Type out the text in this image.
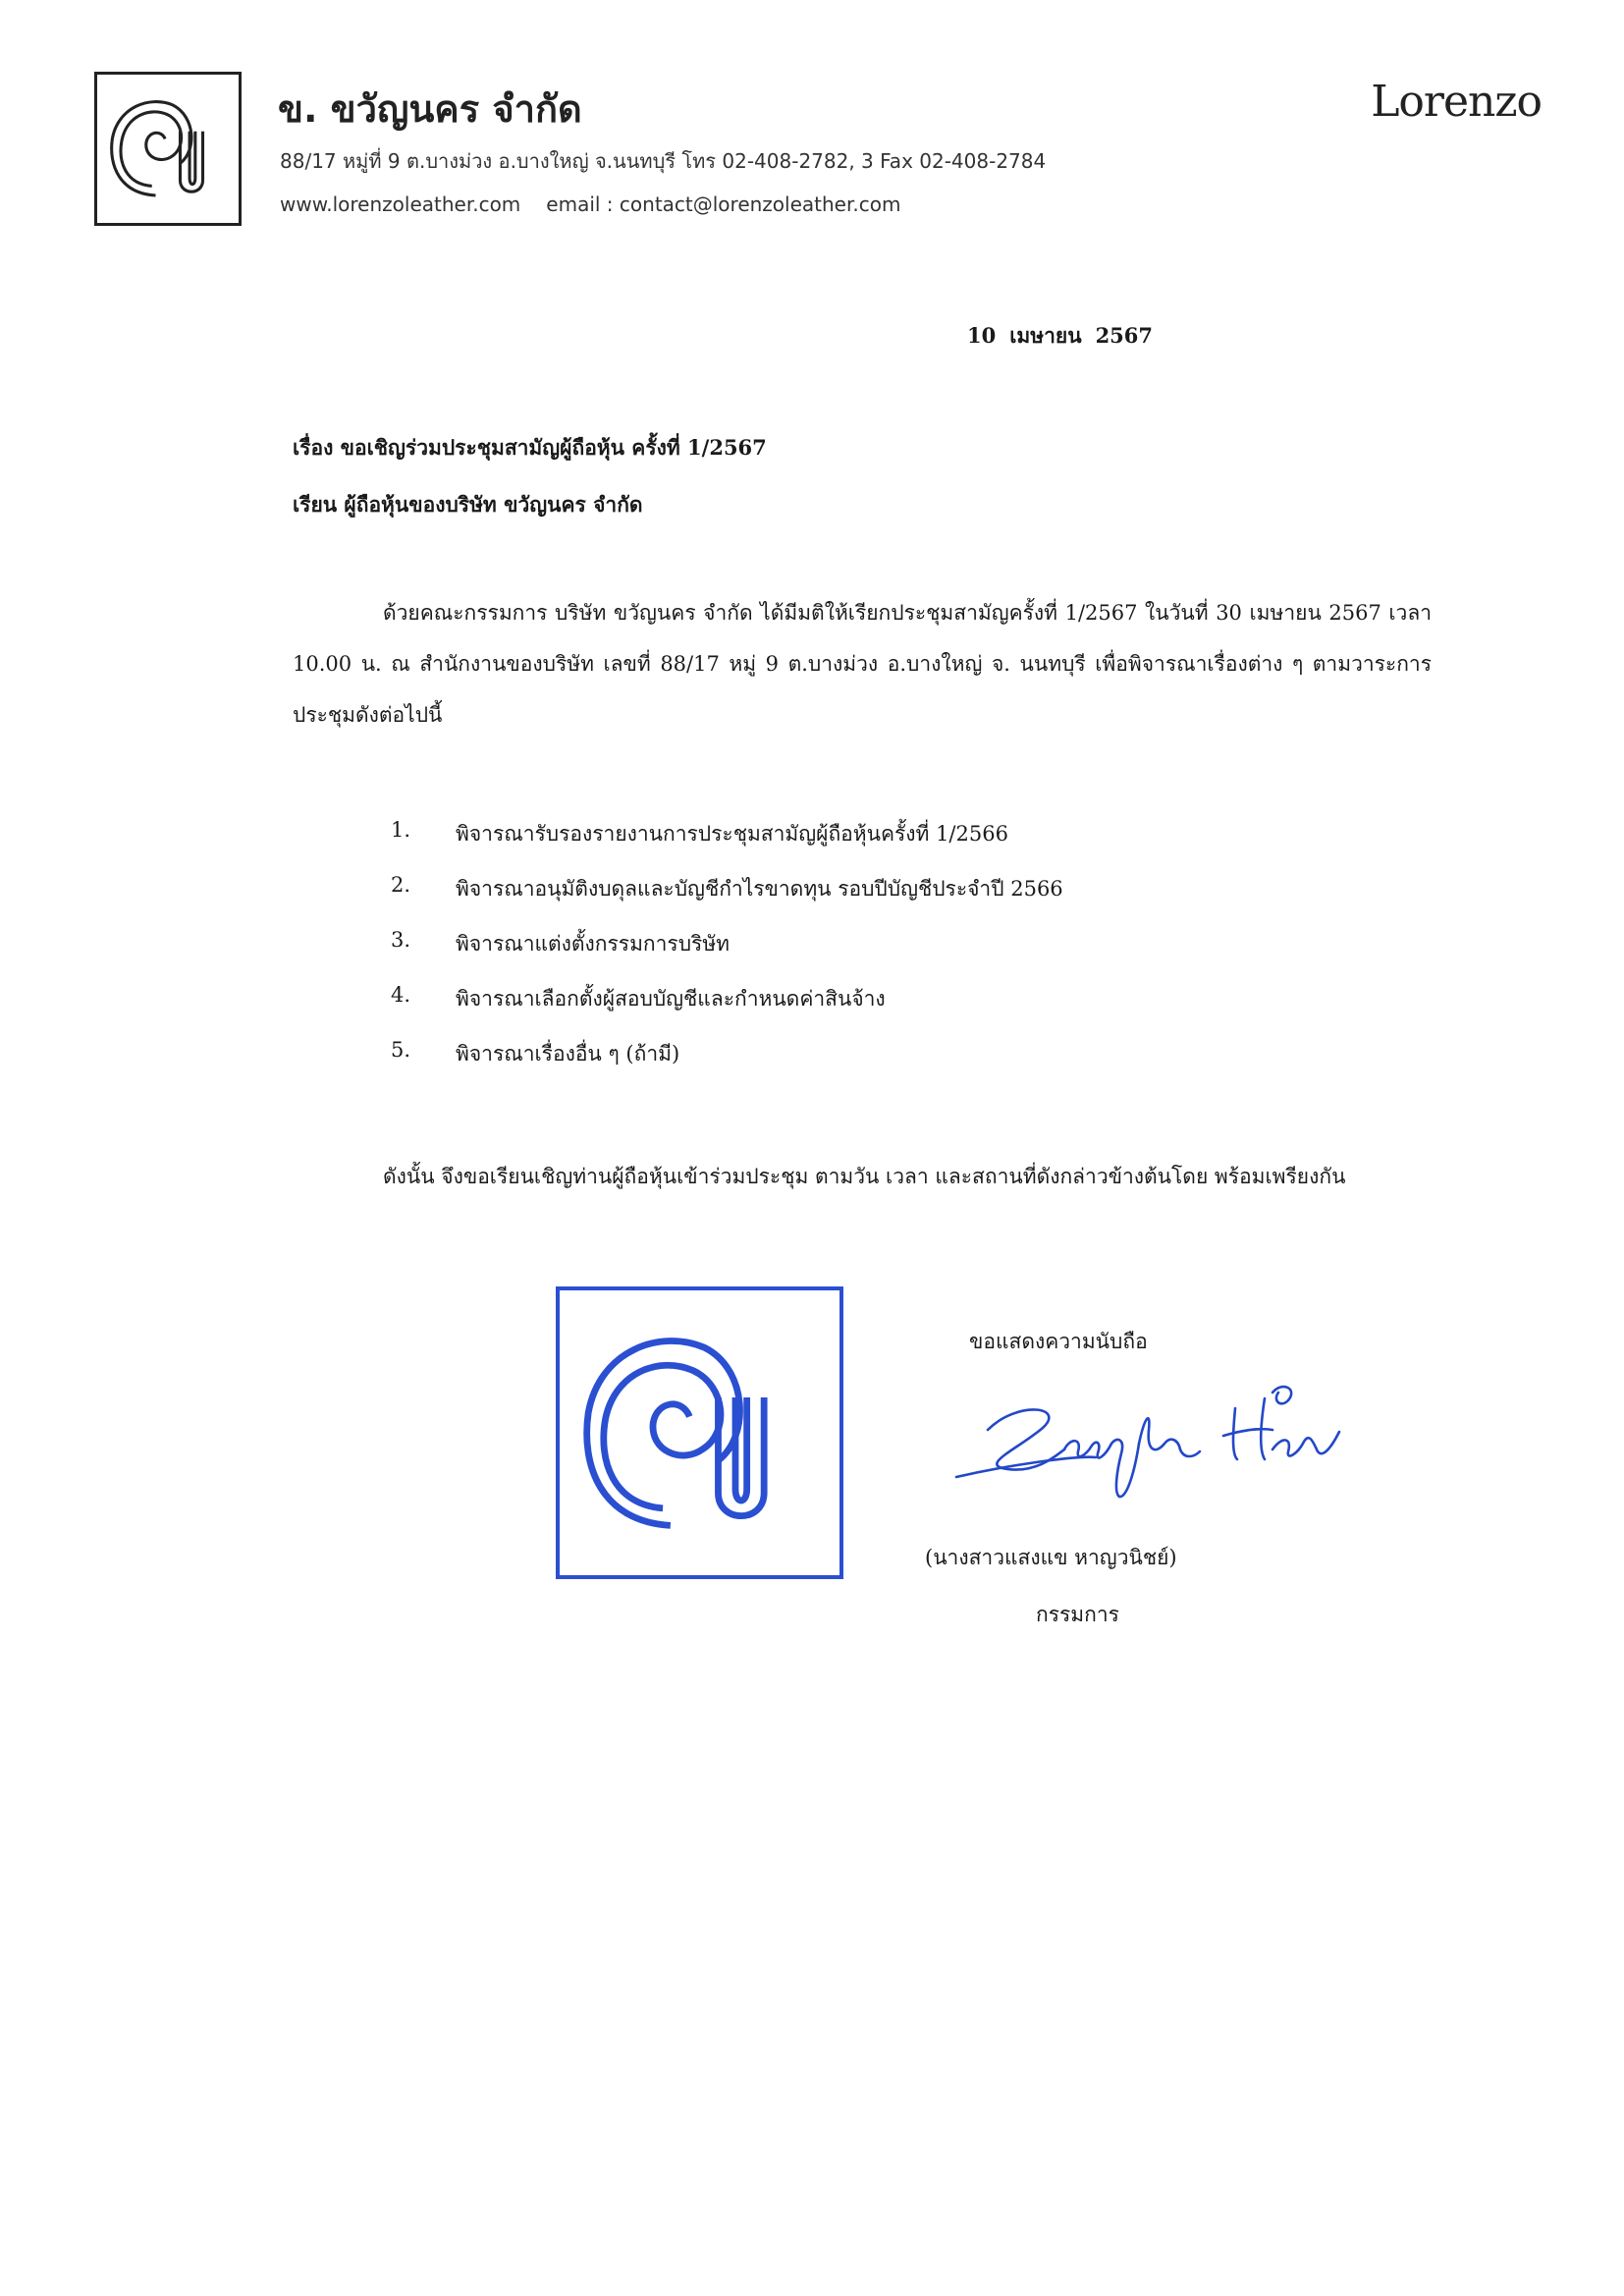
ข. ขวัญนคร จำกัด	Lorenzo
88/17 หมู่ที่ 9 ต.บางม่วง อ.บางใหญ่ จ.นนทบุรี โทร 02-408-2782, 3 Fax 02-408-2784
www.lorenzoleather.com email : contact@lorenzoleather.com
10 เมษายน 2567
เรื่อง ขอเชิญร่วมประชุมสามัญผู้ถือหุ้น ครั้งที่ 1/2567
เรียน ผู้ถือหุ้นของบริษัท ขวัญนคร จำกัด
ด้วยคณะกรรมการ บริษัท ขวัญนคร จำกัด ได้มีมติให้เรียกประชุมสามัญครั้งที่ 1/2567 ในวันที่ 30 เมษายน 2567 เวลา 10.00 น. ณ สำนักงานของบริษัท เลขที่ 88/17 หมู่ 9 ต.บางม่วง อ.บางใหญ่ จ. นนทบุรี เพื่อพิจารณาเรื่องต่าง ๆ ตามวาระการประชุมดังต่อไปนี้
1.	พิจารณารับรองรายงานการประชุมสามัญผู้ถือหุ้นครั้งที่ 1/2566
2.	พิจารณาอนุมัติงบดุลและบัญชีกำไรขาดทุน รอบปีบัญชีประจำปี 2566
3.	พิจารณาแต่งตั้งกรรมการบริษัท
4.	พิจารณาเลือกตั้งผู้สอบบัญชีและกำหนดค่าสินจ้าง
5.	พิจารณาเรื่องอื่น ๆ (ถ้ามี)
ดังนั้น จึงขอเรียนเชิญท่านผู้ถือหุ้นเข้าร่วมประชุม ตามวัน เวลา และสถานที่ดังกล่าวข้างต้นโดย พร้อมเพรียงกัน
ขอแสดงความนับถือ
(นางสาวแสงแข หาญวนิชย์)
กรรมการ
